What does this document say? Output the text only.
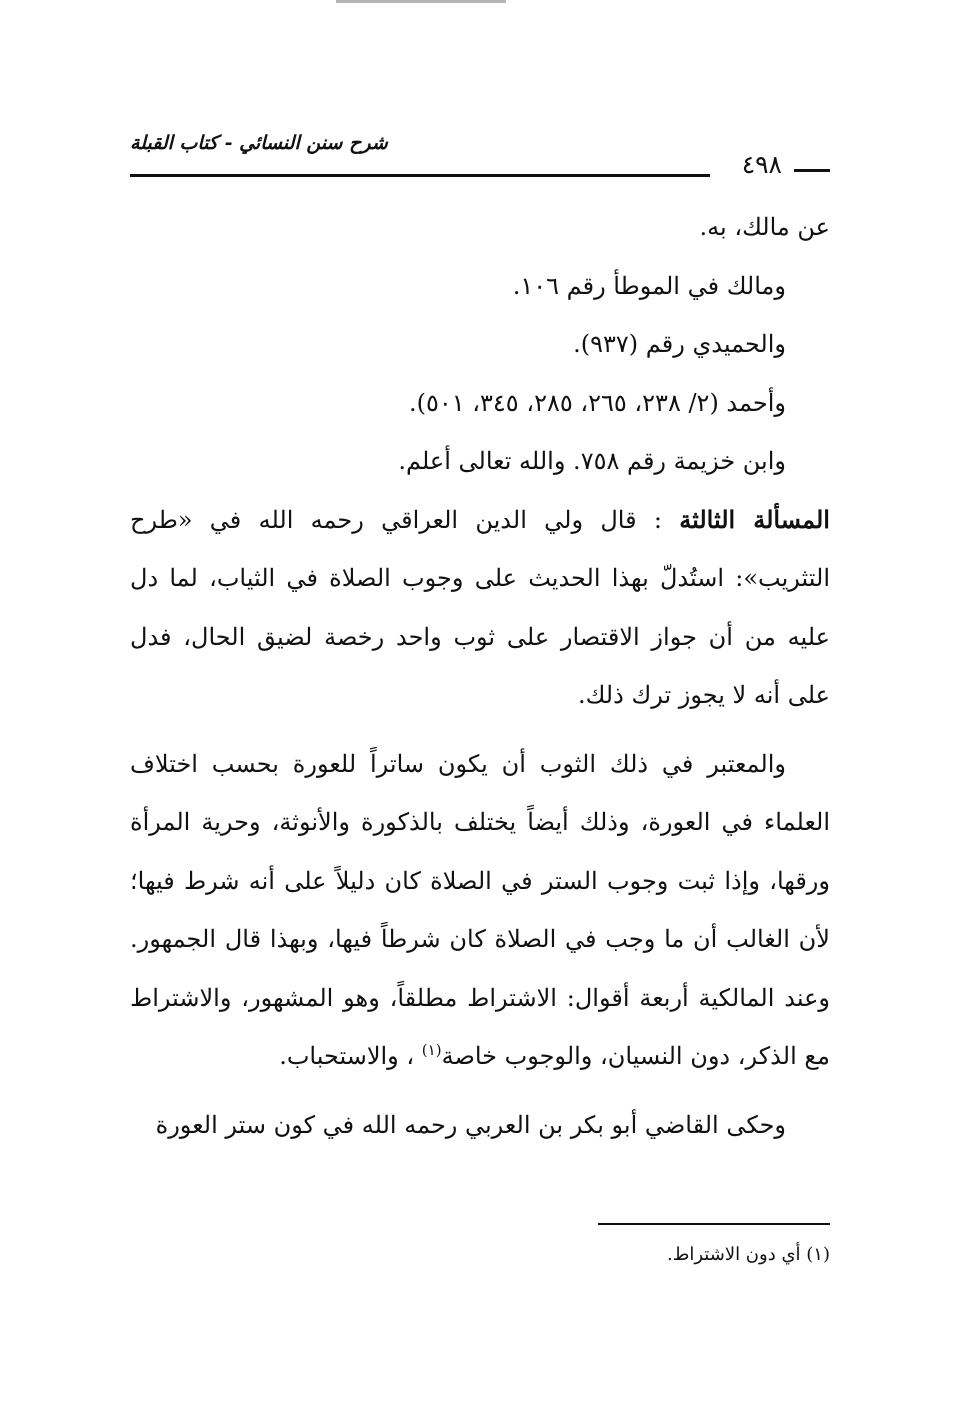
شرح سنن النسائي - كتاب القبلة
٤٩٨
عن مالك، به.
ومالك في الموطأ رقم ١٠٦.
والحميدي رقم (٩٣٧).
وأحمد (٢/ ٢٣٨، ٢٦٥، ٢٨٥، ٣٤٥، ٥٠١).
وابن خزيمة رقم ٧٥٨. والله تعالى أعلم.

المسألة الثالثة : قال ولي الدين العراقي رحمه الله في «طرح التثريب»: استُدلّ بهذا الحديث على وجوب الصلاة في الثياب، لما دل عليه من أن جواز الاقتصار على ثوب واحد رخصة لضيق الحال، فدل على أنه لا يجوز ترك ذلك.

والمعتبر في ذلك الثوب أن يكون ساتراً للعورة بحسب اختلاف العلماء في العورة، وذلك أيضاً يختلف بالذكورة والأنوثة، وحرية المرأة ورقها، وإذا ثبت وجوب الستر في الصلاة كان دليلاً على أنه شرط فيها؛ لأن الغالب أن ما وجب في الصلاة كان شرطاً فيها، وبهذا قال الجمهور. وعند المالكية أربعة أقوال: الاشتراط مطلقاً، وهو المشهور، والاشتراط مع الذكر، دون النسيان، والوجوب خاصة$^{(١)}$ ، والاستحباب.

وحكى القاضي أبو بكر بن العربي رحمه الله في كون ستر العورة

(١) أي دون الاشتراط.
